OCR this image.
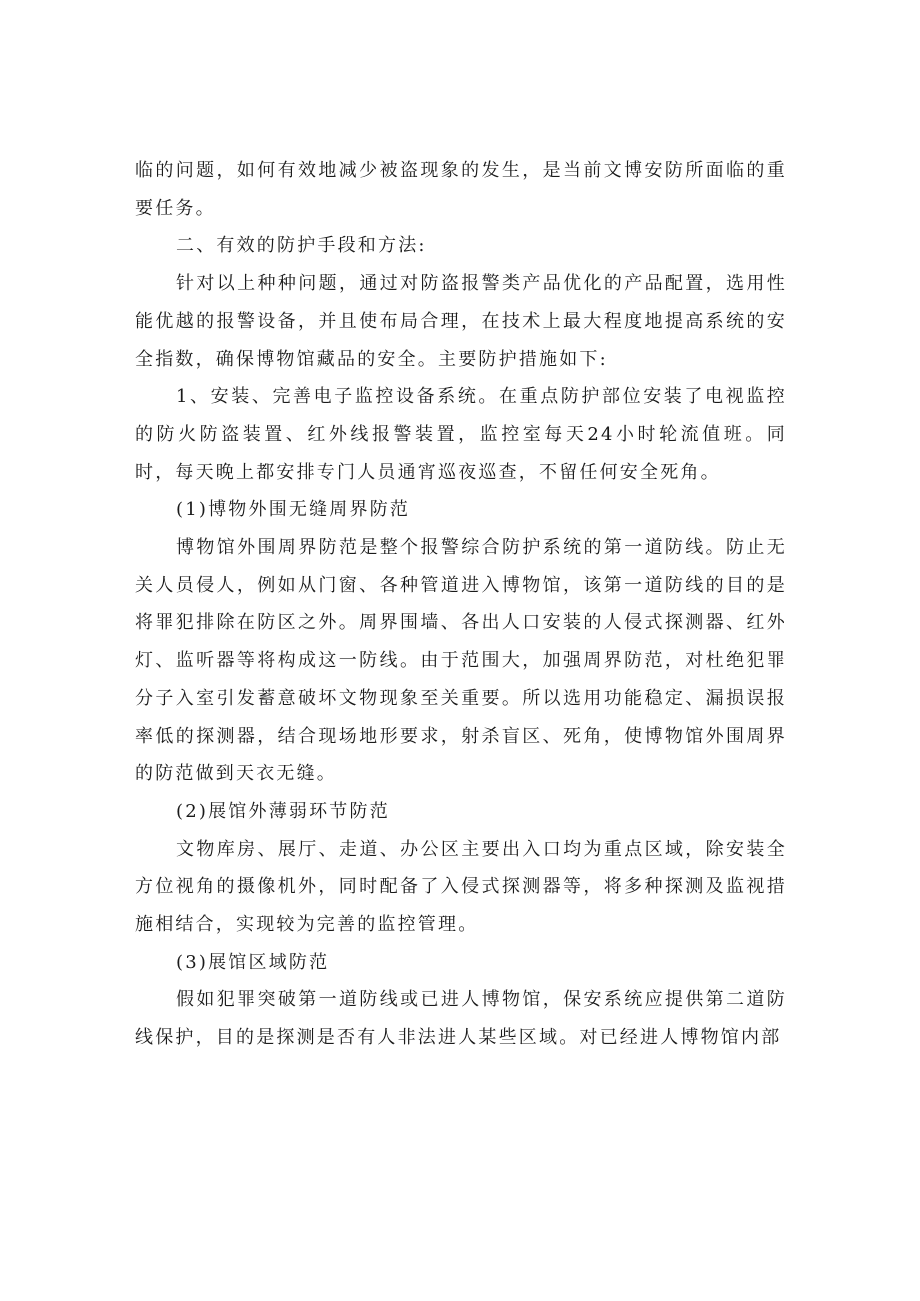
临的问题，如何有效地减少被盗现象的发生，是当前文博安防所面临的重要任务。

二、有效的防护手段和方法:

针对以上种种问题，通过对防盗报警类产品优化的产品配置，选用性能优越的报警设备，并且使布局合理，在技术上最大程度地提高系统的安全指数，确保博物馆藏品的安全。主要防护措施如下:

1、安装、完善电子监控设备系统。在重点防护部位安装了电视监控的防火防盗装置、红外线报警装置，监控室每天24小时轮流值班。同时，每天晚上都安排专门人员通宵巡夜巡查，不留任何安全死角。

(1)博物外围无缝周界防范

博物馆外围周界防范是整个报警综合防护系统的第一道防线。防止无关人员侵人，例如从门窗、各种管道进入博物馆，该第一道防线的目的是将罪犯排除在防区之外。周界围墙、各出人口安装的人侵式探测器、红外灯、监听器等将构成这一防线。由于范围大，加强周界防范，对杜绝犯罪分子入室引发蓄意破坏文物现象至关重要。所以选用功能稳定、漏损误报率低的探测器，结合现场地形要求，射杀盲区、死角，使博物馆外围周界的防范做到天衣无缝。

(2)展馆外薄弱环节防范

文物库房、展厅、走道、办公区主要出入口均为重点区域，除安装全方位视角的摄像机外，同时配备了入侵式探测器等，将多种探测及监视措施相结合，实现较为完善的监控管理。

(3)展馆区域防范

假如犯罪突破第一道防线或已进人博物馆，保安系统应提供第二道防线保护，目的是探测是否有人非法进人某些区域。对已经进人博物馆内部
